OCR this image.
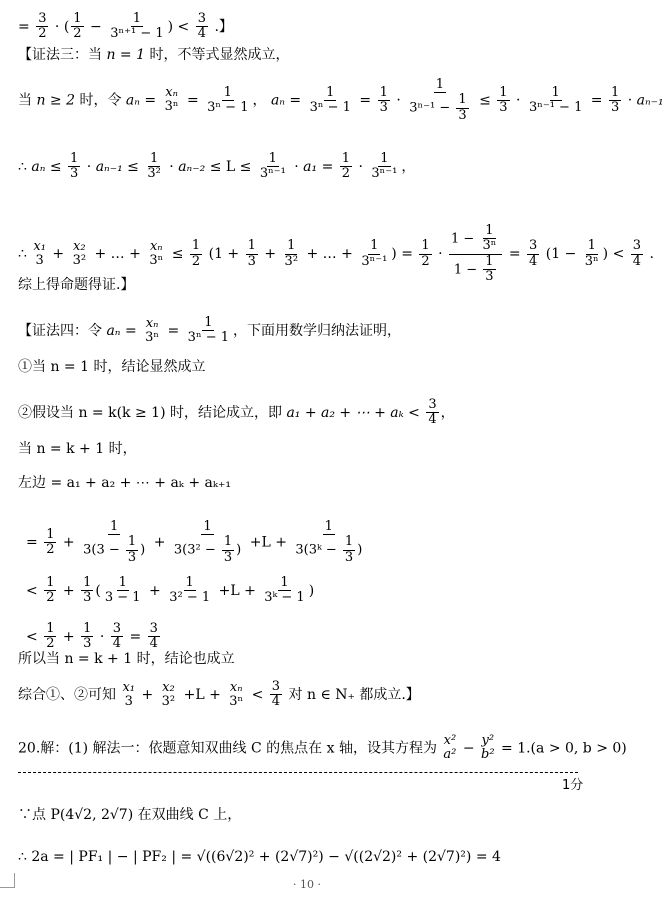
= $\frac{3}{2}$ · ( $\frac{1}{2} - \frac{1}{\text{3ⁿ⁺¹ − 1}}$ ) < $\frac{3}{4}$ .】
【证法三：当 n = 1 时，不等式显然成立，
当 n ≥ 2 时，令 aₙ = xₙ
$3^n = \frac{1}{\text{3ⁿ − 1}}$ ， $a_n = \frac{1}{\text{3ⁿ − 1}} = \frac{1}{3} \cdot \frac{1}{3^{n-1} - \frac{1}{3}} \le \frac{1}{3} \cdot \frac{1}{\text{3ⁿ⁻¹ − 1}} = \frac{1}{3} \cdot a_{n-1}$
∴ $a_n \le \frac{1}{3} \cdot a_{n-1} \le \frac{1}{\text{3²}} \cdot a_{n-2} \le L \le \frac{1}{\text{3ⁿ⁻¹}} \cdot a_1 = \frac{1}{2} \cdot \frac{1}{\text{3ⁿ⁻¹}}$ ，
∴ x₁
3 + x₂
3² + … + xₙ
$3^n \le \frac{1}{2} (1 + \frac{1}{3} + \frac{1}{\text{3²}}$ + … + $\frac{1}{\text{3ⁿ⁻¹}}$ ) = $\frac{1}{2} \cdot \frac{1 - \frac{1}{\text{3ⁿ}}}{1 - \frac{1}{3}} = \frac{3}{4} (1 - \frac{1}{\text{3ⁿ}}$ ) < $\frac{3}{4}$ .
综上得命题得证.】
【证法四：令 aₙ = xₙ
$3^n = \frac{1}{\text{3ⁿ − 1}}$ ，下面用数学归纳法证明，
①当 n = 1 时，结论显然成立
②假设当 n = k(k ≥ 1) 时，结论成立，即 a₁ + a₂ + ⋯ + $a_k < \frac{3}{4}$ ，
当 n = k + 1 时，
左边 = a₁ + a₂ + ⋯ + aₖ + aₖ₊₁
= $\frac{1}{2} + \frac{1}{3(3 - \frac{1}{3} )} + \frac{1}{3(3^2 - \frac{1}{3} )} +L + \frac{1}{3(3ᵏ - \frac{1}{3} )}$
< $\frac{1}{2} + \frac{1}{3}$ ( $\frac{1}{3 - 1} + \frac{1}{\text{3² − 1}} +L + \frac{1}{\text{3ᵏ − 1}}$ )
< $\frac{1}{2} + \frac{1}{3} \cdot \frac{3}{4} = \frac{3}{4}$
所以当 n = k + 1 时，结论也成立
综合①、②可知 x₁
3 + x₂
3² +L + xₙ
$3^n < \frac{3}{4}$ 对 n ∈ N₊ 都成立.】
20.解：(1) 解法一：依题意知双曲线 C 的焦点在 x 轴，设其方程为 x²
a² − y²
b² = 1.(a > 0, b > 0)
1分
∵点 P(4√2, 2√7) 在双曲线 C 上，
∴ 2a = | PF₁ | − | PF₂ | = √((6√2)² + (2√7)²) − √((2√2)² + (2√7)²) = 4
· 10 ·
